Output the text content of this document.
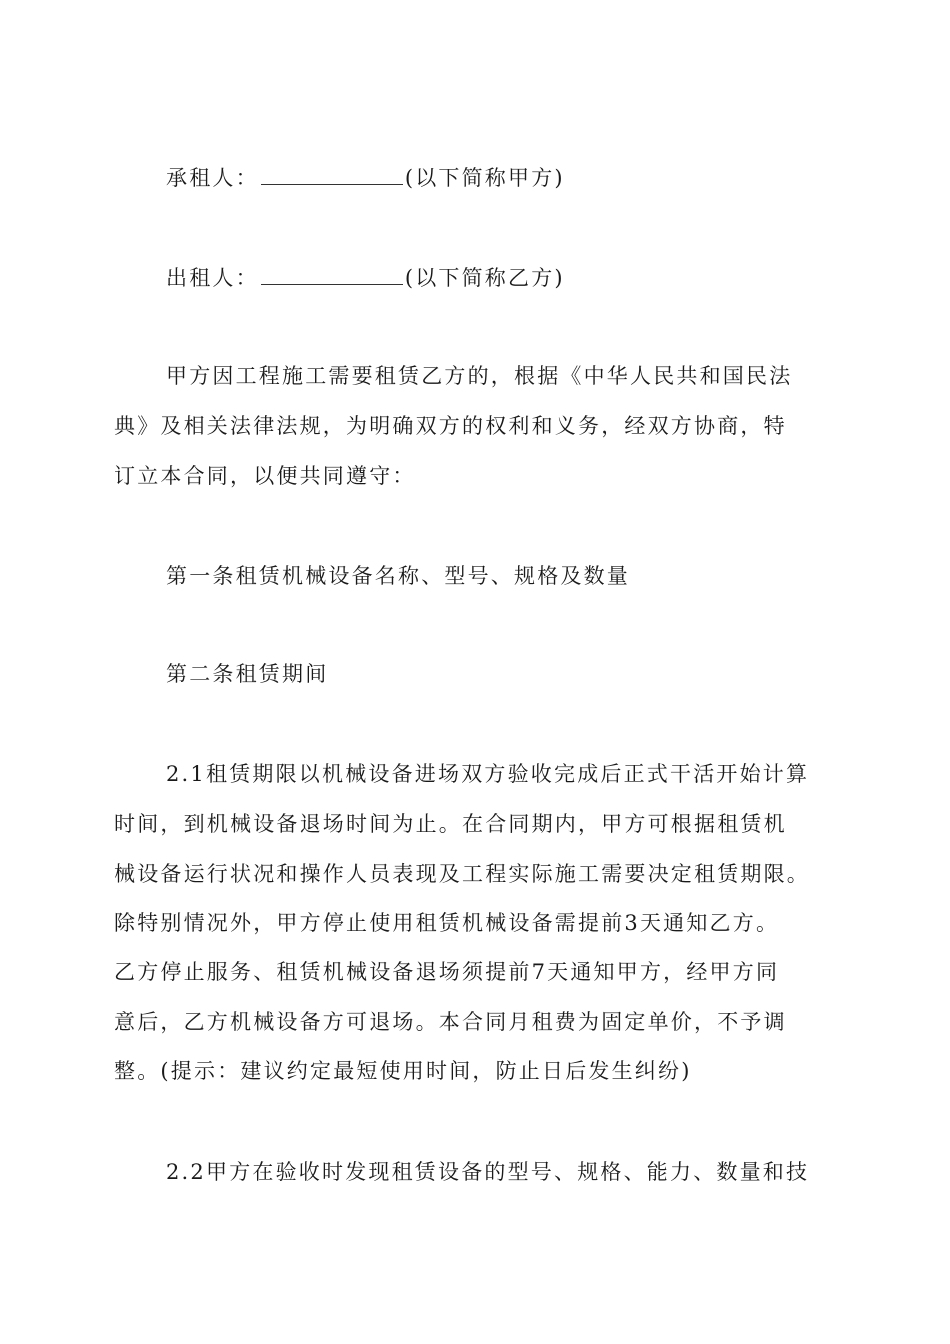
承租人：	(以下简称甲方)
出租人：	(以下简称乙方)
甲方因工程施工需要租赁乙方的，根据《中华人民共和国民法
典》及相关法律法规，为明确双方的权利和义务，经双方协商，特
订立本合同，以便共同遵守：
第一条租赁机械设备名称、型号、规格及数量
第二条租赁期间
2.1租赁期限以机械设备进场双方验收完成后正式干活开始计算
时间，到机械设备退场时间为止。在合同期内，甲方可根据租赁机
械设备运行状况和操作人员表现及工程实际施工需要决定租赁期限。
除特别情况外，甲方停止使用租赁机械设备需提前3天通知乙方。
乙方停止服务、租赁机械设备退场须提前7天通知甲方，经甲方同
意后，乙方机械设备方可退场。本合同月租费为固定单价，不予调
整。(提示：建议约定最短使用时间，防止日后发生纠纷)
2.2甲方在验收时发现租赁设备的型号、规格、能力、数量和技
